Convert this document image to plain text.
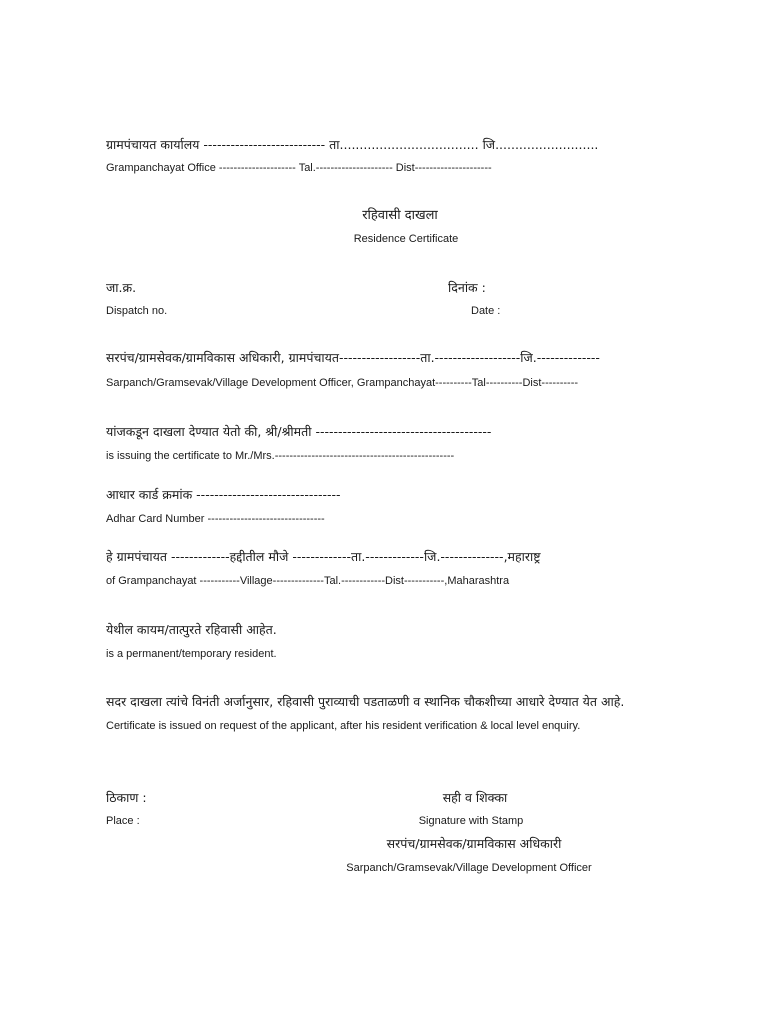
ग्रामपंचायत कार्यालय --------------------------- ता................................... जि..........................
Grampanchayat Office --------------------- Tal.--------------------- Dist---------------------
रहिवासी दाखला
Residence Certificate
जा.क्र.
Dispatch no.
दिनांक :
Date :
सरपंच/ग्रामसेवक/ग्रामविकास अधिकारी, ग्रामपंचायत------------------ता.-------------------जि.--------------
Sarpanch/Gramsevak/Village Development Officer, Grampanchayat----------Tal----------Dist----------
यांजकडून दाखला देण्यात येतो की, श्री/श्रीमती ---------------------------------------
is issuing the certificate to Mr./Mrs.-------------------------------------------------
आधार कार्ड क्रमांक --------------------------------
Adhar Card Number --------------------------------
हे ग्रामपंचायत -------------हद्दीतील मौजे -------------ता.-------------जि.--------------,महाराष्ट्र
of Grampanchayat -----------Village--------------Tal.------------Dist-----------,Maharashtra
येथील कायम/तात्पुरते रहिवासी आहेत.
is a permanent/temporary resident.
सदर दाखला त्यांचे विनंती अर्जानुसार, रहिवासी पुराव्याची पडताळणी व स्थानिक चौकशीच्या आधारे देण्यात येत आहे.
Certificate is issued on request of the applicant, after his resident verification & local level enquiry.
ठिकाण :
Place :
सही व शिक्का
Signature with Stamp
सरपंच/ग्रामसेवक/ग्रामविकास अधिकारी
Sarpanch/Gramsevak/Village Development Officer
